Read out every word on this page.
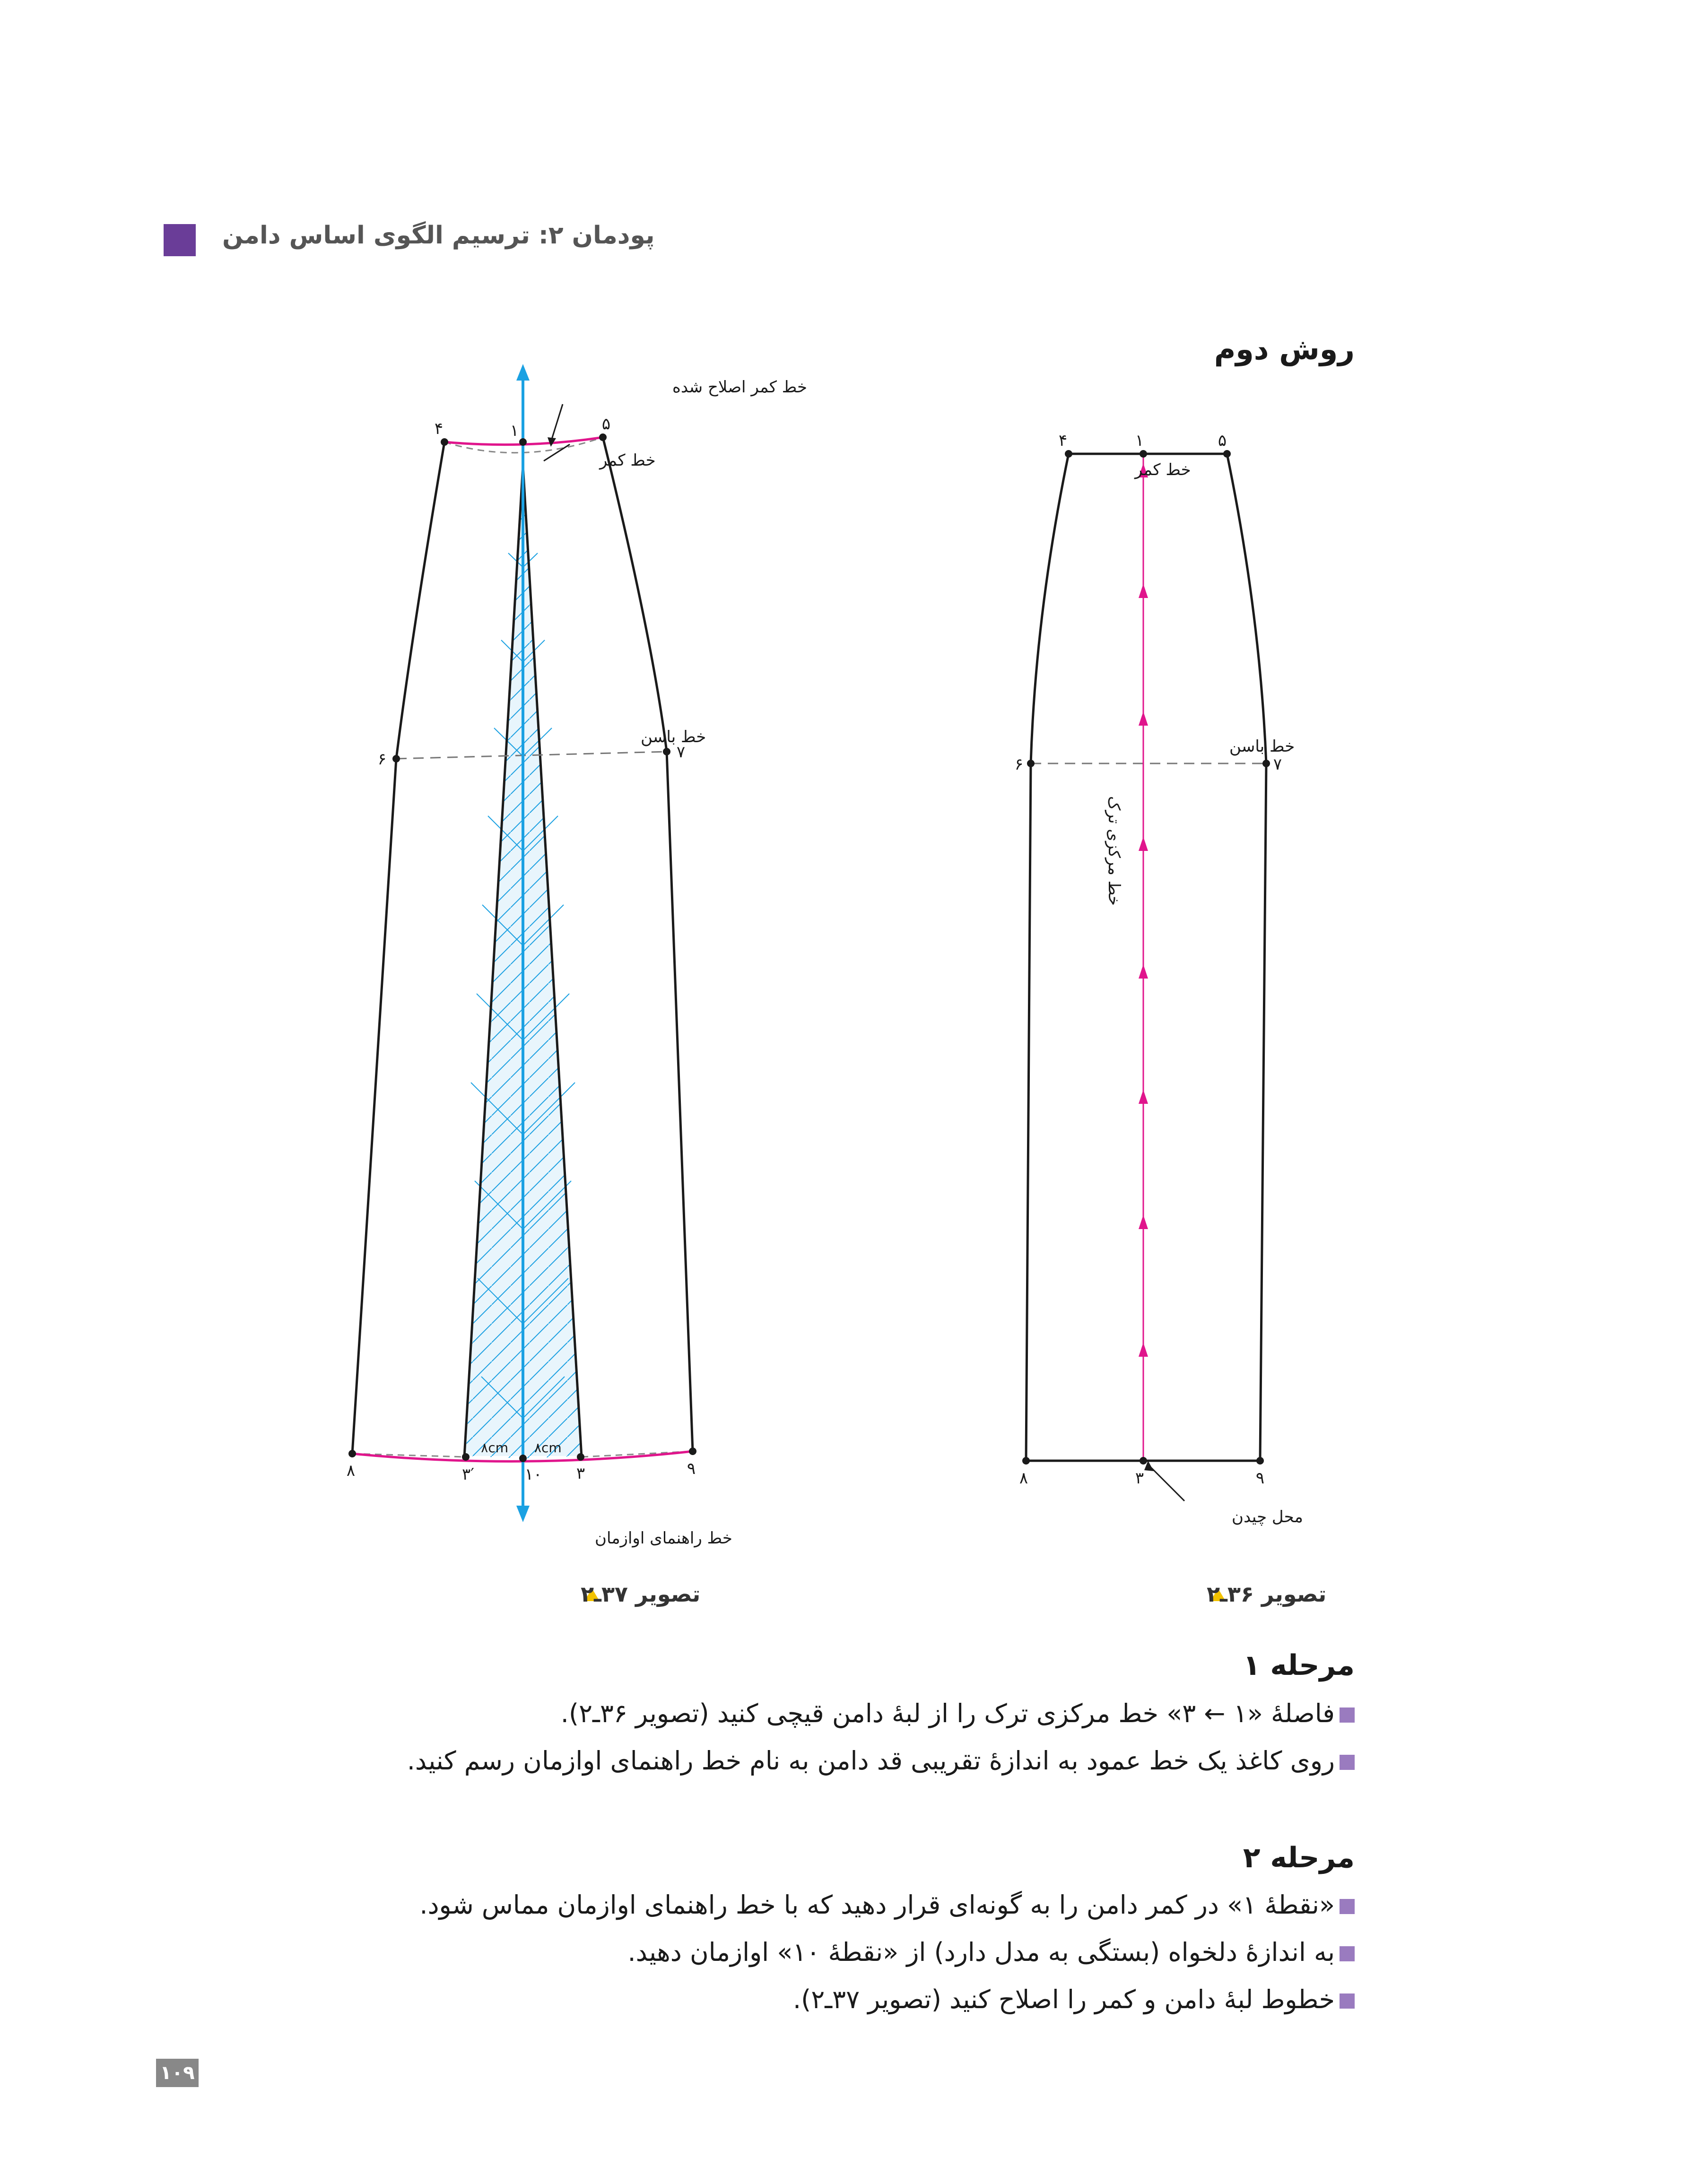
پودمان ۲: ترسیم الگوی اساس دامن
روش دوم
خط کمر اصلاح شده
خط کمر
خط باسن
خط راهنمای اوازمان
۸cm ۸cm
۴	۱	۵
۶	۷
۸	۳′	۱۰ ۳	۹
تصویر ۳۷ـ۲
خط کمر
خط باسن
محل چیدن
خط مرکزی ترک
۴	۱	۵
۶	۷
۸	۳	۹
تصویر ۳۶ـ۲
مرحله ۱
فاصلهٔ «۱ ← ۳» خط مرکزی ترک را از لبهٔ دامن قیچی کنید (تصویر ۳۶ـ۲).
روی کاغذ یک خط عمود به اندازهٔ تقریبی قد دامن به نام خط راهنمای اوازمان رسم کنید.
مرحله ۲
«نقطهٔ ۱» در کمر دامن را به گونه‌ای قرار دهید که با خط راهنمای اوازمان مماس شود.
به اندازهٔ دلخواه (بستگی به مدل دارد) از «نقطهٔ ۱۰» اوازمان دهید.
خطوط لبهٔ دامن و کمر را اصلاح کنید (تصویر ۳۷ـ۲).
۱۰۹
